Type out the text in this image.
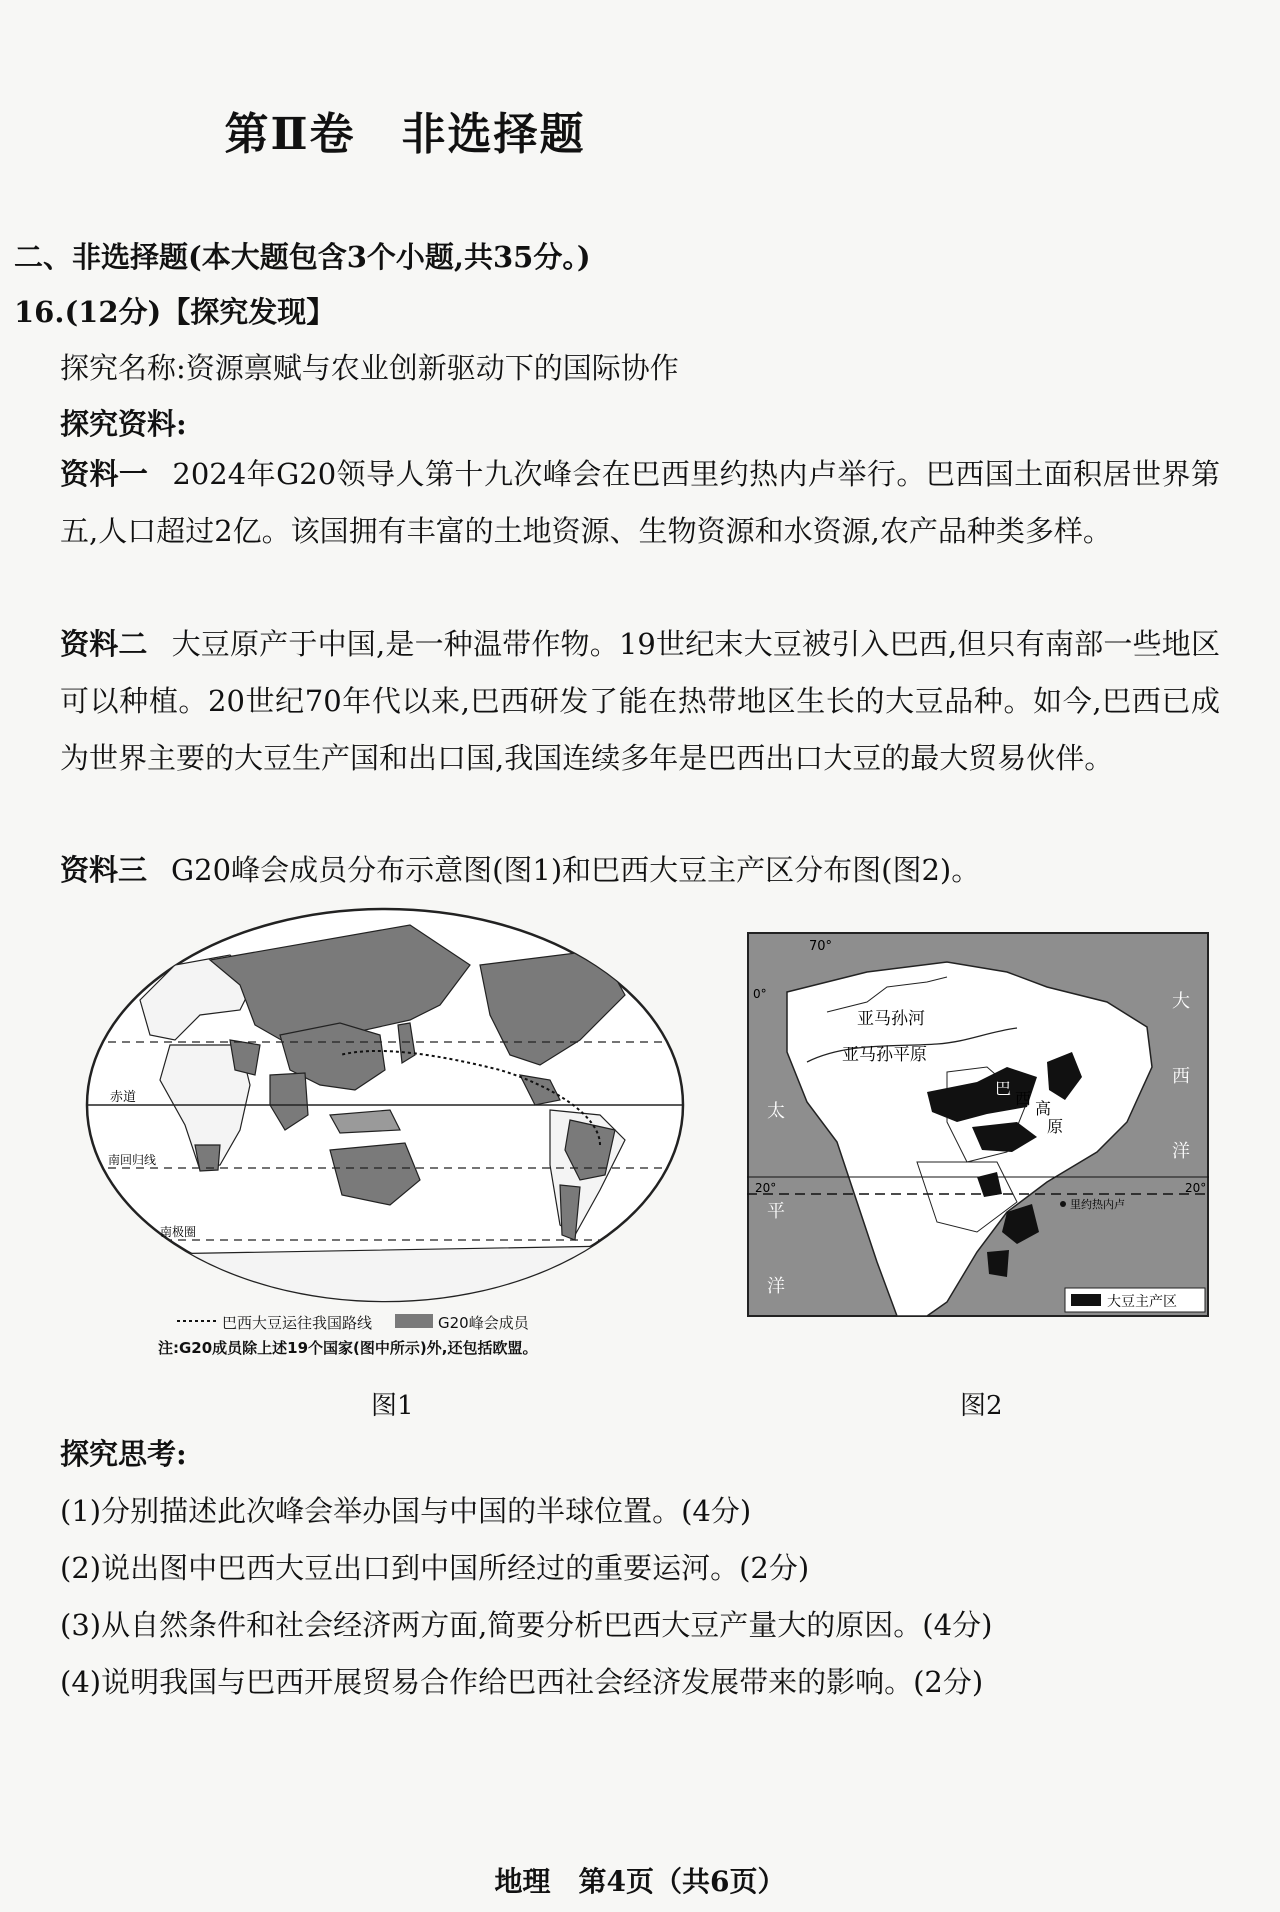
第Ⅱ卷　非选择题
二、非选择题(本大题包含3个小题,共35分。)
16.(12分)【探究发现】
探究名称:资源禀赋与农业创新驱动下的国际协作
探究资料:
资料一 2024年G20领导人第十九次峰会在巴西里约热内卢举行。巴西国土面积居世界第五,人口超过2亿。该国拥有丰富的土地资源、生物资源和水资源,农产品种类多样。
资料二 大豆原产于中国,是一种温带作物。19世纪末大豆被引入巴西,但只有南部一些地区可以种植。20世纪70年代以来,巴西研发了能在热带地区生长的大豆品种。如今,巴西已成为世界主要的大豆生产国和出口国,我国连续多年是巴西出口大豆的最大贸易伙伴。
资料三 G20峰会成员分布示意图(图1)和巴西大豆主产区分布图(图2)。
赤道
南回归线
南极圈
巴西大豆运往我国路线	G20峰会成员
注:G20成员除上述19个国家(图中所示)外,还包括欧盟。
图1
70°
0°
20°	20°
亚马孙河
亚马孙平原
巴
西
高
原
太
平
洋
大
西
洋
里约热内卢
大豆主产区
图2
探究思考:
(1)分别描述此次峰会举办国与中国的半球位置。(4分)
(2)说出图中巴西大豆出口到中国所经过的重要运河。(2分)
(3)从自然条件和社会经济两方面,简要分析巴西大豆产量大的原因。(4分)
(4)说明我国与巴西开展贸易合作给巴西社会经济发展带来的影响。(2分)
地理　第4页（共6页）
